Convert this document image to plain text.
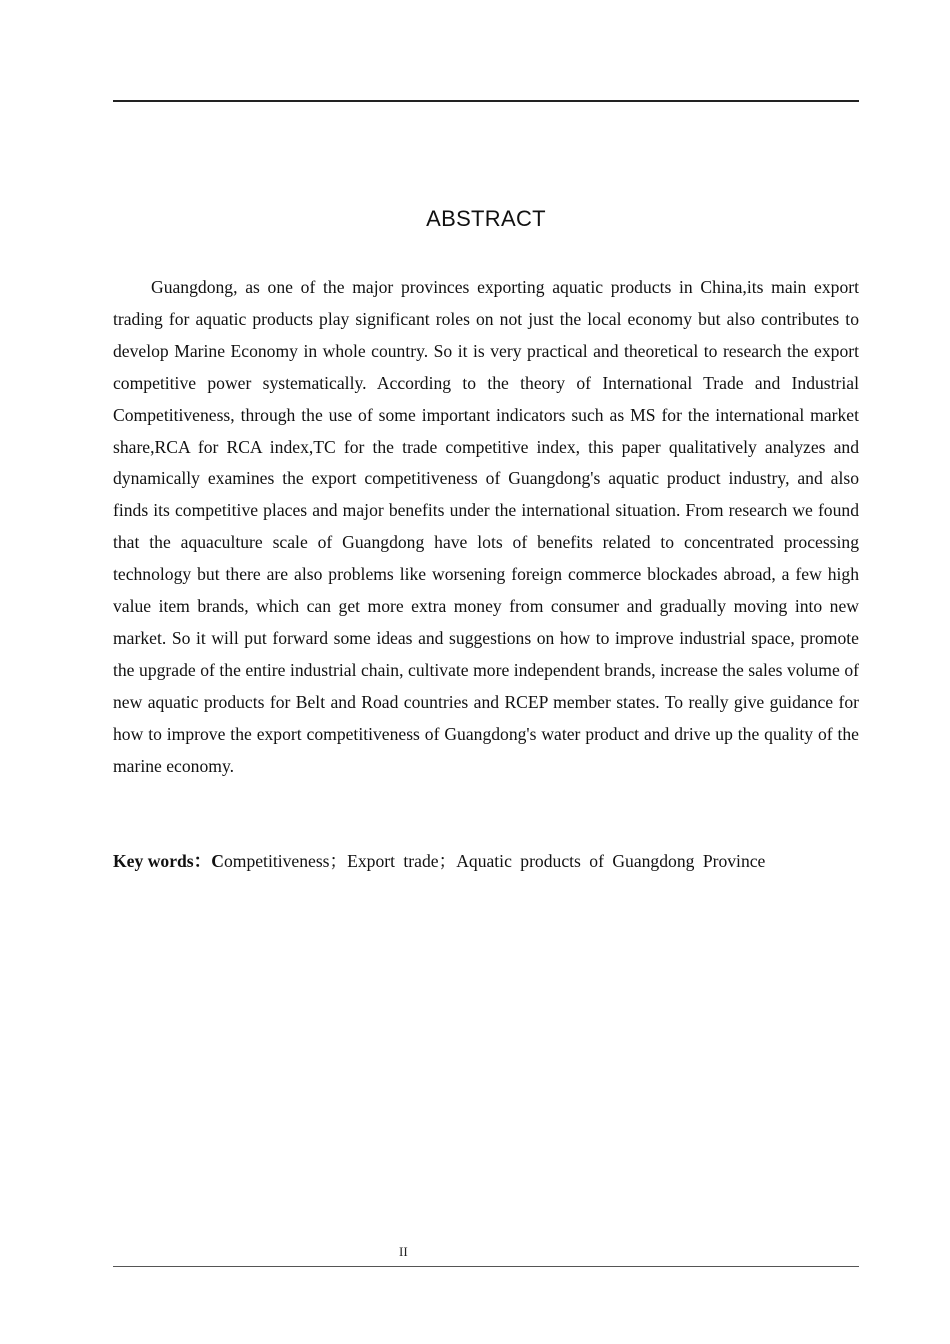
ABSTRACT

Guangdong, as one of the major provinces exporting aquatic products in China,its main export trading for aquatic products play significant roles on not just the local economy but also contributes to develop Marine Economy in whole country. So it is very practical and theoretical to research the export competitive power systematically. According to the theory of International Trade and Industrial Competitiveness, through the use of some important indicators such as MS for the international market share,RCA for RCA index,TC for the trade competitive index, this paper qualitatively analyzes and dynamically examines the export competitiveness of Guangdong's aquatic product industry, and also finds its competitive places and major benefits under the international situation. From research we found that the aquaculture scale of Guangdong have lots of benefits related to concentrated processing technology but there are also problems like worsening foreign commerce blockades abroad, a few high value item brands, which can get more extra money from consumer and gradually moving into new market. So it will put forward some ideas and suggestions on how to improve industrial space, promote the upgrade of the entire industrial chain, cultivate more independent brands, increase the sales volume of new aquatic products for Belt and Road countries and RCEP member states. To really give guidance for how to improve the export competitiveness of Guangdong's water product and drive up the quality of the marine economy.

Key words：Competitiveness；Export trade；Aquatic products of Guangdong Province

II
